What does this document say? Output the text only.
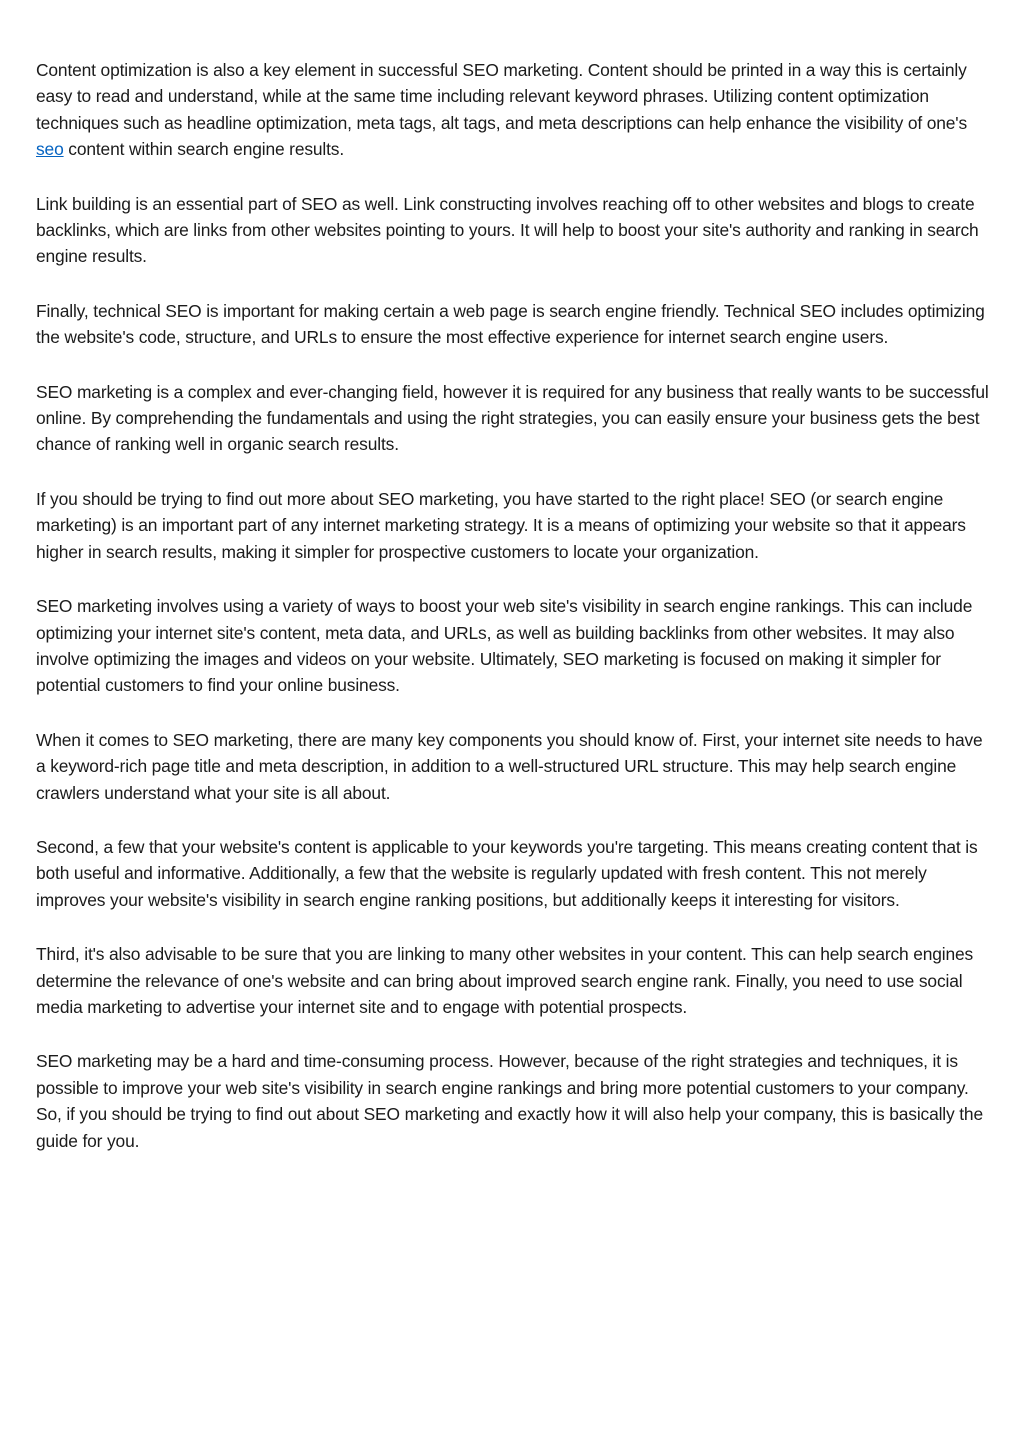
Content optimization is also a key element in successful SEO marketing. Content should be printed in a way this is certainly easy to read and understand, while at the same time including relevant keyword phrases. Utilizing content optimization techniques such as headline optimization, meta tags, alt tags, and meta descriptions can help enhance the visibility of one's seo content within search engine results.

Link building is an essential part of SEO as well. Link constructing involves reaching off to other websites and blogs to create backlinks, which are links from other websites pointing to yours. It will help to boost your site's authority and ranking in search engine results.

Finally, technical SEO is important for making certain a web page is search engine friendly. Technical SEO includes optimizing the website's code, structure, and URLs to ensure the most effective experience for internet search engine users.

SEO marketing is a complex and ever-changing field, however it is required for any business that really wants to be successful online. By comprehending the fundamentals and using the right strategies, you can easily ensure your business gets the best chance of ranking well in organic search results.

If you should be trying to find out more about SEO marketing, you have started to the right place! SEO (or search engine marketing) is an important part of any internet marketing strategy. It is a means of optimizing your website so that it appears higher in search results, making it simpler for prospective customers to locate your organization.

SEO marketing involves using a variety of ways to boost your web site's visibility in search engine rankings. This can include optimizing your internet site's content, meta data, and URLs, as well as building backlinks from other websites. It may also involve optimizing the images and videos on your website. Ultimately, SEO marketing is focused on making it simpler for potential customers to find your online business.

When it comes to SEO marketing, there are many key components you should know of. First, your internet site needs to have a keyword-rich page title and meta description, in addition to a well-structured URL structure. This may help search engine crawlers understand what your site is all about.

Second, a few that your website's content is applicable to your keywords you're targeting. This means creating content that is both useful and informative. Additionally, a few that the website is regularly updated with fresh content. This not merely improves your website's visibility in search engine ranking positions, but additionally keeps it interesting for visitors.

Third, it's also advisable to be sure that you are linking to many other websites in your content. This can help search engines determine the relevance of one's website and can bring about improved search engine rank. Finally, you need to use social media marketing to advertise your internet site and to engage with potential prospects.

SEO marketing may be a hard and time-consuming process. However, because of the right strategies and techniques, it is possible to improve your web site's visibility in search engine rankings and bring more potential customers to your company. So, if you should be trying to find out about SEO marketing and exactly how it will also help your company, this is basically the guide for you.
